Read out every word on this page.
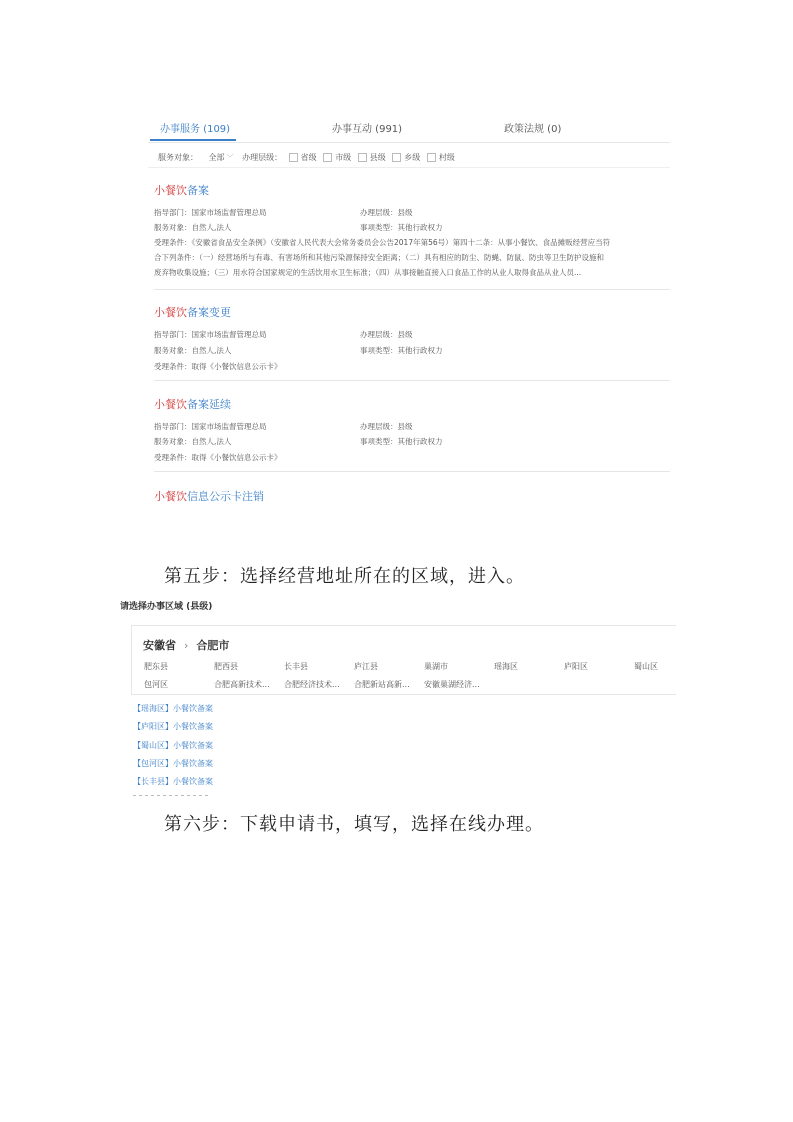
办事服务 (109)	办事互动 (991)	政策法规 (0)
服务对象： 全部 ﹀ 办理层级： 省级 市级 县级 乡级 村级
小餐饮备案
指导部门：国家市场监督管理总局	办理层级：县级
服务对象：自然人,法人	事项类型：其他行政权力
受理条件：《安徽省食品安全条例》（安徽省人民代表大会常务委员会公告2017年第56号）第四十二条：从事小餐饮、食品摊贩经营应当符
合下列条件：（一）经营场所与有毒、有害场所和其他污染源保持安全距离；（二）具有相应的防尘、防蝇、防鼠、防虫等卫生防护设施和
废弃物收集设施；（三）用水符合国家规定的生活饮用水卫生标准；（四）从事接触直接入口食品工作的从业人取得食品从业人员...
小餐饮备案变更
指导部门：国家市场监督管理总局	办理层级：县级
服务对象：自然人,法人	事项类型：其他行政权力
受理条件：取得《小餐饮信息公示卡》
小餐饮备案延续
指导部门：国家市场监督管理总局	办理层级：县级
服务对象：自然人,法人	事项类型：其他行政权力
受理条件：取得《小餐饮信息公示卡》
小餐饮信息公示卡注销
第五步：选择经营地址所在的区域，进入。
请选择办事区域 (县级)
安徽省 › 合肥市
肥东县	肥西县	长丰县	庐江县	巢湖市	瑶海区	庐阳区	蜀山区
包河区	合肥高新技术... 合肥经济技术... 合肥新站高新... 安徽巢湖经济...
【瑶海区】小餐饮备案
【庐阳区】小餐饮备案
【蜀山区】小餐饮备案
【包河区】小餐饮备案
【长丰县】小餐饮备案
第六步：下载申请书，填写，选择在线办理。
